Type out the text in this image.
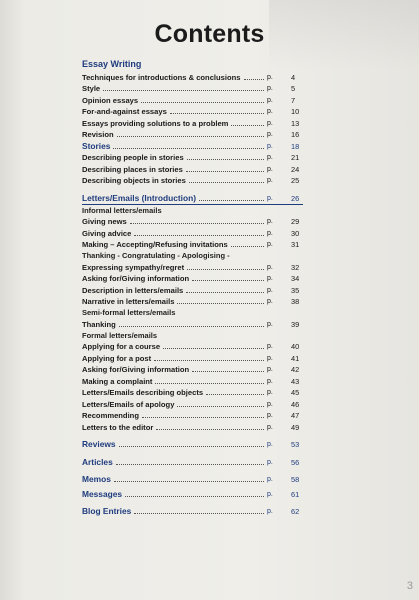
Contents
Essay Writing
Techniques for introductions & conclusions	p.	4
Style	p.	5
Opinion essays	p.	7
For-and-against essays	p.	10
Essays providing solutions to a problem	p.	13
Revision	p.	16
Stories	p.	18
Describing people in stories	p.	21
Describing places in stories	p.	24
Describing objects in stories	p.	25
Letters/Emails (Introduction)	p.	26
Informal letters/emails
Giving news	p.	29
Giving advice	p.	30
Making – Accepting/Refusing invitations	p.	31
Thanking - Congratulating - Apologising -
Expressing sympathy/regret	p.	32
Asking for/Giving information	p.	34
Description in letters/emails	p.	35
Narrative in letters/emails	p.	38
Semi-formal letters/emails
Thanking	p.	39
Formal letters/emails
Applying for a course	p.	40
Applying for a post	p.	41
Asking for/Giving information	p.	42
Making a complaint	p.	43
Letters/Emails describing objects	p.	45
Letters/Emails of apology	p.	46
Recommending	p.	47
Letters to the editor	p.	49
Reviews	p.	53
Articles	p.	56
Memos	p.	58
Messages	p.	61
Blog Entries	p.	62
3
